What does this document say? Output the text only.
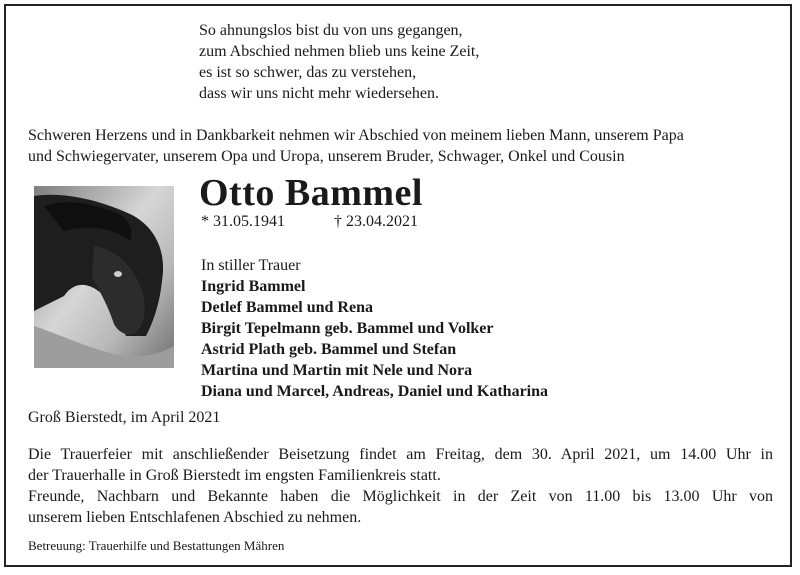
So ahnungslos bist du von uns gegangen,
zum Abschied nehmen blieb uns keine Zeit,
es ist so schwer, das zu verstehen,
dass wir uns nicht mehr wiedersehen.
Schweren Herzens und in Dankbarkeit nehmen wir Abschied von meinem lieben Mann, unserem Papa
und Schwiegervater, unserem Opa und Uropa, unserem Bruder, Schwager, Onkel und Cousin
Otto Bammel
* 31.05.1941	† 23.04.2021
In stiller Trauer
Ingrid Bammel
Detlef Bammel und Rena
Birgit Tepelmann geb. Bammel und Volker
Astrid Plath geb. Bammel und Stefan
Martina und Martin mit Nele und Nora
Diana und Marcel, Andreas, Daniel und Katharina
Groß Bierstedt, im April 2021
Die Trauerfeier mit anschließender Beisetzung findet am Freitag, dem 30. April 2021, um 14.00 Uhr in
der Trauerhalle in Groß Bierstedt im engsten Familienkreis statt.
Freunde, Nachbarn und Bekannte haben die Möglichkeit in der Zeit von 11.00 bis 13.00 Uhr von
unserem lieben Entschlafenen Abschied zu nehmen.
Betreuung: Trauerhilfe und Bestattungen Mähren
